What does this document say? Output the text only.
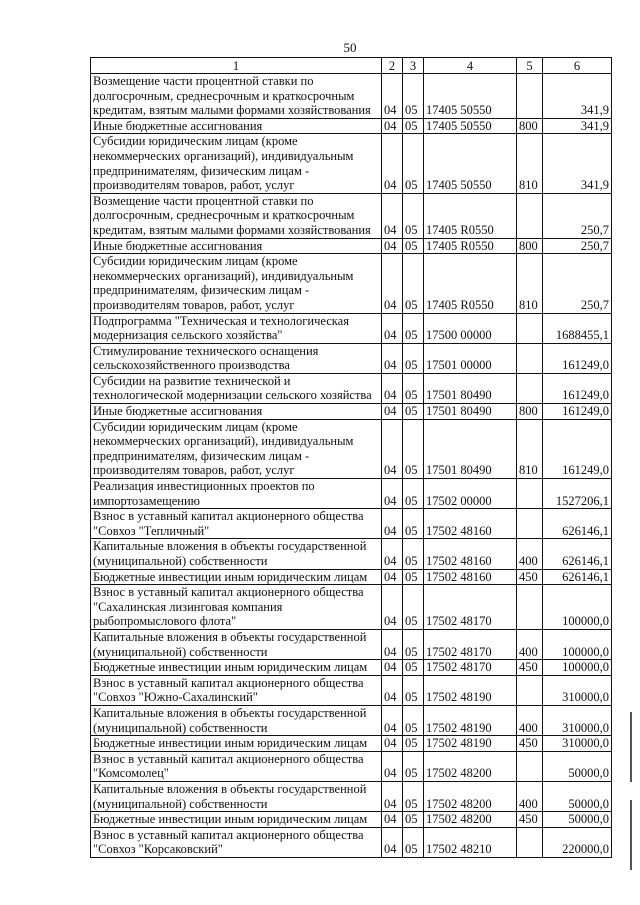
50
1	2	3	4	5	6
Возмещение части процентной ставки по долгосрочным, среднесрочным и краткосрочным кредитам, взятым малыми формами хозяйствования	04	05	17405 50550		341,9
Иные бюджетные ассигнования	04	05	17405 50550	800	341,9
Субсидии юридическим лицам (кроме некоммерческих организаций), индивидуальным предпринимателям, физическим лицам - производителям товаров, работ, услуг	04	05	17405 50550	810	341,9
Возмещение части процентной ставки по долгосрочным, среднесрочным и краткосрочным кредитам, взятым малыми формами хозяйствования	04	05	17405 R0550		250,7
Иные бюджетные ассигнования	04	05	17405 R0550	800	250,7
Субсидии юридическим лицам (кроме некоммерческих организаций), индивидуальным предпринимателям, физическим лицам - производителям товаров, работ, услуг	04	05	17405 R0550	810	250,7
Подпрограмма "Техническая и технологическая модернизация сельского хозяйства"	04	05	17500 00000		1688455,1
Стимулирование технического оснащения сельскохозяйственного производства	04	05	17501 00000		161249,0
Субсидии на развитие технической и технологической модернизации сельского хозяйства	04	05	17501 80490		161249,0
Иные бюджетные ассигнования	04	05	17501 80490	800	161249,0
Субсидии юридическим лицам (кроме некоммерческих организаций), индивидуальным предпринимателям, физическим лицам - производителям товаров, работ, услуг	04	05	17501 80490	810	161249,0
Реализация инвестиционных проектов по импортозамещению	04	05	17502 00000		1527206,1
Взнос в уставный капитал акционерного общества "Совхоз "Тепличный"	04	05	17502 48160		626146,1
Капитальные вложения в объекты государственной (муниципальной) собственности	04	05	17502 48160	400	626146,1
Бюджетные инвестиции иным юридическим лицам	04	05	17502 48160	450	626146,1
Взнос в уставный капитал акционерного общества "Сахалинская лизинговая компания рыбопромыслового флота"	04	05	17502 48170		100000,0
Капитальные вложения в объекты государственной (муниципальной) собственности	04	05	17502 48170	400	100000,0
Бюджетные инвестиции иным юридическим лицам	04	05	17502 48170	450	100000,0
Взнос в уставный капитал акционерного общества "Совхоз "Южно-Сахалинский"	04	05	17502 48190		310000,0
Капитальные вложения в объекты государственной (муниципальной) собственности	04	05	17502 48190	400	310000,0
Бюджетные инвестиции иным юридическим лицам	04	05	17502 48190	450	310000,0
Взнос в уставный капитал акционерного общества "Комсомолец"	04	05	17502 48200		50000,0
Капитальные вложения в объекты государственной (муниципальной) собственности	04	05	17502 48200	400	50000,0
Бюджетные инвестиции иным юридическим лицам	04	05	17502 48200	450	50000,0
Взнос в уставный капитал акционерного общества "Совхоз "Корсаковский"	04	05	17502 48210		220000,0
